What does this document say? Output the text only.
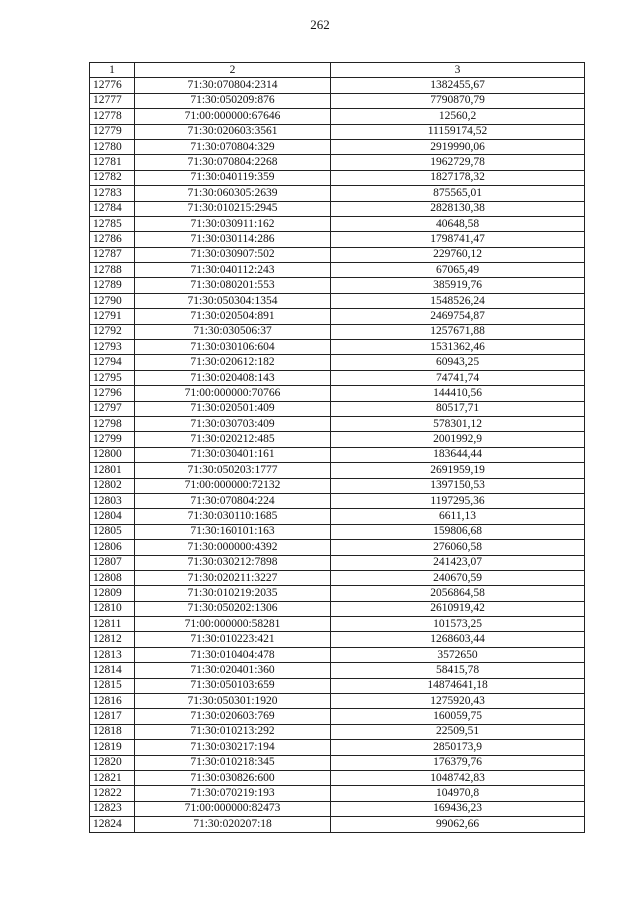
262
1	2	3
12776	71:30:070804:2314	1382455,67
12777	71:30:050209:876	7790870,79
12778	71:00:000000:67646	12560,2
12779	71:30:020603:3561	11159174,52
12780	71:30:070804:329	2919990,06
12781	71:30:070804:2268	1962729,78
12782	71:30:040119:359	1827178,32
12783	71:30:060305:2639	875565,01
12784	71:30:010215:2945	2828130,38
12785	71:30:030911:162	40648,58
12786	71:30:030114:286	1798741,47
12787	71:30:030907:502	229760,12
12788	71:30:040112:243	67065,49
12789	71:30:080201:553	385919,76
12790	71:30:050304:1354	1548526,24
12791	71:30:020504:891	2469754,87
12792	71:30:030506:37	1257671,88
12793	71:30:030106:604	1531362,46
12794	71:30:020612:182	60943,25
12795	71:30:020408:143	74741,74
12796	71:00:000000:70766	144410,56
12797	71:30:020501:409	80517,71
12798	71:30:030703:409	578301,12
12799	71:30:020212:485	2001992,9
12800	71:30:030401:161	183644,44
12801	71:30:050203:1777	2691959,19
12802	71:00:000000:72132	1397150,53
12803	71:30:070804:224	1197295,36
12804	71:30:030110:1685	6611,13
12805	71:30:160101:163	159806,68
12806	71:30:000000:4392	276060,58
12807	71:30:030212:7898	241423,07
12808	71:30:020211:3227	240670,59
12809	71:30:010219:2035	2056864,58
12810	71:30:050202:1306	2610919,42
12811	71:00:000000:58281	101573,25
12812	71:30:010223:421	1268603,44
12813	71:30:010404:478	3572650
12814	71:30:020401:360	58415,78
12815	71:30:050103:659	14874641,18
12816	71:30:050301:1920	1275920,43
12817	71:30:020603:769	160059,75
12818	71:30:010213:292	22509,51
12819	71:30:030217:194	2850173,9
12820	71:30:010218:345	176379,76
12821	71:30:030826:600	1048742,83
12822	71:30:070219:193	104970,8
12823	71:00:000000:82473	169436,23
12824	71:30:020207:18	99062,66
